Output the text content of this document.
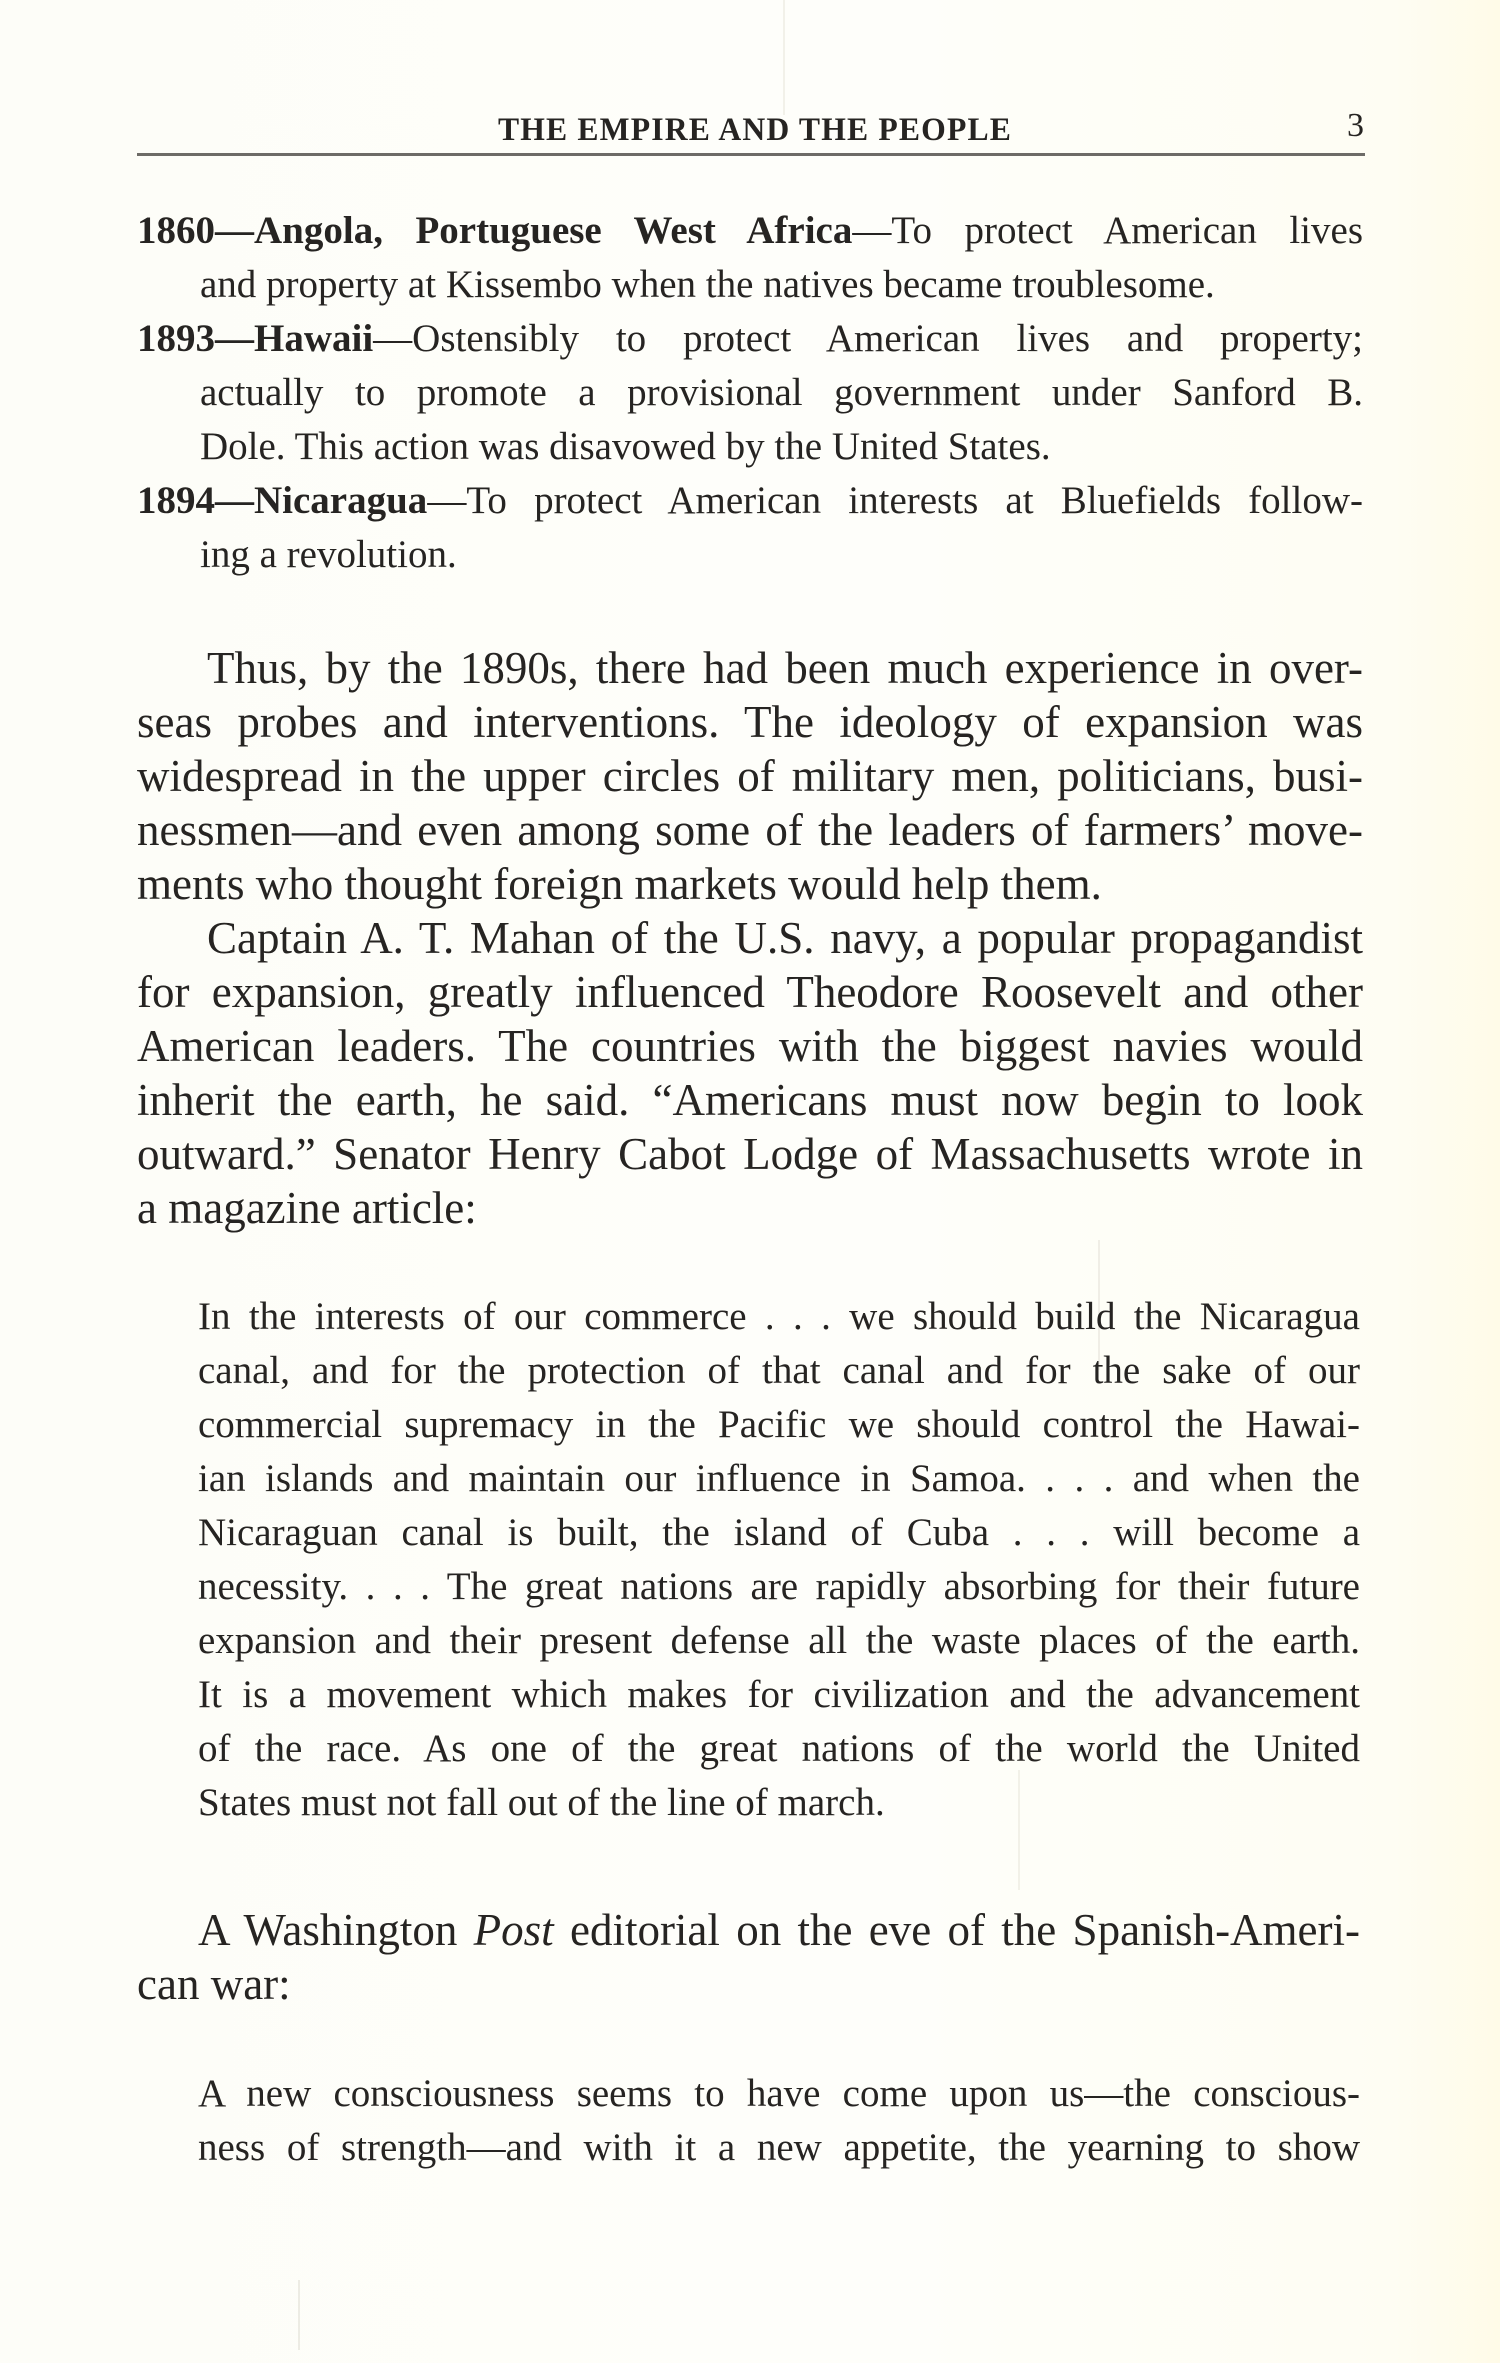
THE EMPIRE AND THE PEOPLE	3
1860—Angola, Portuguese West Africa—To protect American lives
and property at Kissembo when the natives became troublesome.
1893—Hawaii—Ostensibly to protect American lives and property;
actually to promote a provisional government under Sanford B.
Dole. This action was disavowed by the United States.
1894—Nicaragua—To protect American interests at Bluefields follow-
ing a revolution.
Thus, by the 1890s, there had been much experience in over-
seas probes and interventions. The ideology of expansion was
widespread in the upper circles of military men, politicians, busi-
nessmen—and even among some of the leaders of farmers’ move-
ments who thought foreign markets would help them.
Captain A. T. Mahan of the U.S. navy, a popular propagandist
for expansion, greatly influenced Theodore Roosevelt and other
American leaders. The countries with the biggest navies would
inherit the earth, he said. “Americans must now begin to look
outward.” Senator Henry Cabot Lodge of Massachusetts wrote in
a magazine article:
In the interests of our commerce . . . we should build the Nicaragua
canal, and for the protection of that canal and for the sake of our
commercial supremacy in the Pacific we should control the Hawai-
ian islands and maintain our influence in Samoa. . . . and when the
Nicaraguan canal is built, the island of Cuba . . . will become a
necessity. . . . The great nations are rapidly absorbing for their future
expansion and their present defense all the waste places of the earth.
It is a movement which makes for civilization and the advancement
of the race. As one of the great nations of the world the United
States must not fall out of the line of march.
A Washington Post editorial on the eve of the Spanish-Ameri-
can war:
A new consciousness seems to have come upon us—the conscious-
ness of strength—and with it a new appetite, the yearning to show
